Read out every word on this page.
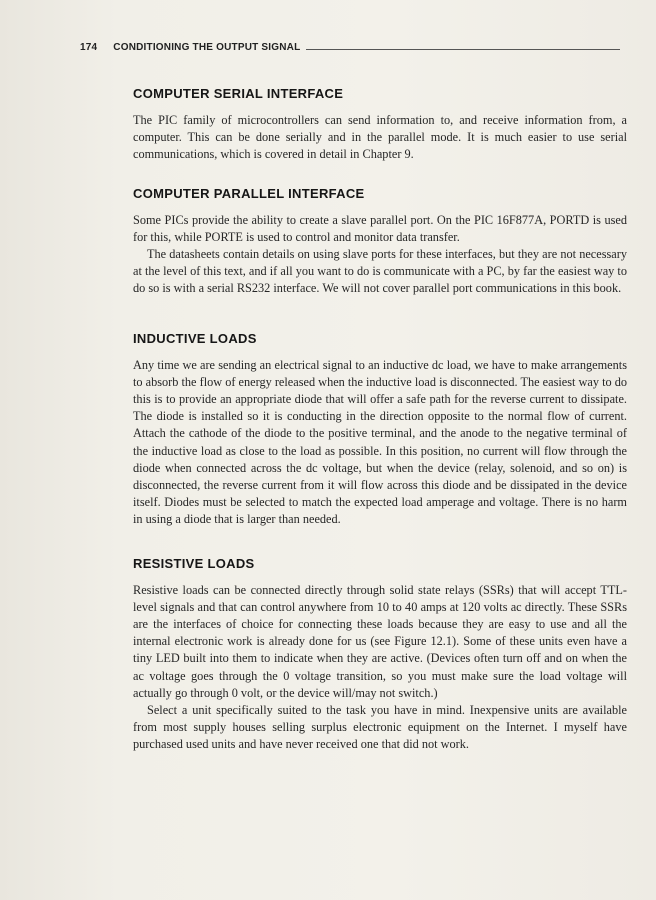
174 CONDITIONING THE OUTPUT SIGNAL
COMPUTER SERIAL INTERFACE

The PIC family of microcontrollers can send information to, and receive information from, a computer. This can be done serially and in the parallel mode. It is much easier to use serial communications, which is covered in detail in Chapter 9.

COMPUTER PARALLEL INTERFACE

Some PICs provide the ability to create a slave parallel port. On the PIC 16F877A, PORTD is used for this, while PORTE is used to control and monitor data transfer.

The datasheets contain details on using slave ports for these interfaces, but they are not necessary at the level of this text, and if all you want to do is communicate with a PC, by far the easiest way to do so is with a serial RS232 interface. We will not cover parallel port communications in this book.

INDUCTIVE LOADS

Any time we are sending an electrical signal to an inductive dc load, we have to make arrangements to absorb the flow of energy released when the inductive load is disconnected. The easiest way to do this is to provide an appropriate diode that will offer a safe path for the reverse current to dissipate. The diode is installed so it is conducting in the direction opposite to the normal flow of current. Attach the cathode of the diode to the positive terminal, and the anode to the negative terminal of the inductive load as close to the load as possible. In this position, no current will flow through the diode when connected across the dc voltage, but when the device (relay, solenoid, and so on) is disconnected, the reverse current from it will flow across this diode and be dissipated in the device itself. Diodes must be selected to match the expected load amperage and voltage. There is no harm in using a diode that is larger than needed.

RESISTIVE LOADS

Resistive loads can be connected directly through solid state relays (SSRs) that will accept TTL-level signals and that can control anywhere from 10 to 40 amps at 120 volts ac directly. These SSRs are the interfaces of choice for connecting these loads because they are easy to use and all the internal electronic work is already done for us (see Figure 12.1). Some of these units even have a tiny LED built into them to indicate when they are active. (Devices often turn off and on when the ac voltage goes through the 0 voltage transition, so you must make sure the load voltage will actually go through 0 volt, or the device will/may not switch.)

Select a unit specifically suited to the task you have in mind. Inexpensive units are available from most supply houses selling surplus electronic equipment on the Internet. I myself have purchased used units and have never received one that did not work.
